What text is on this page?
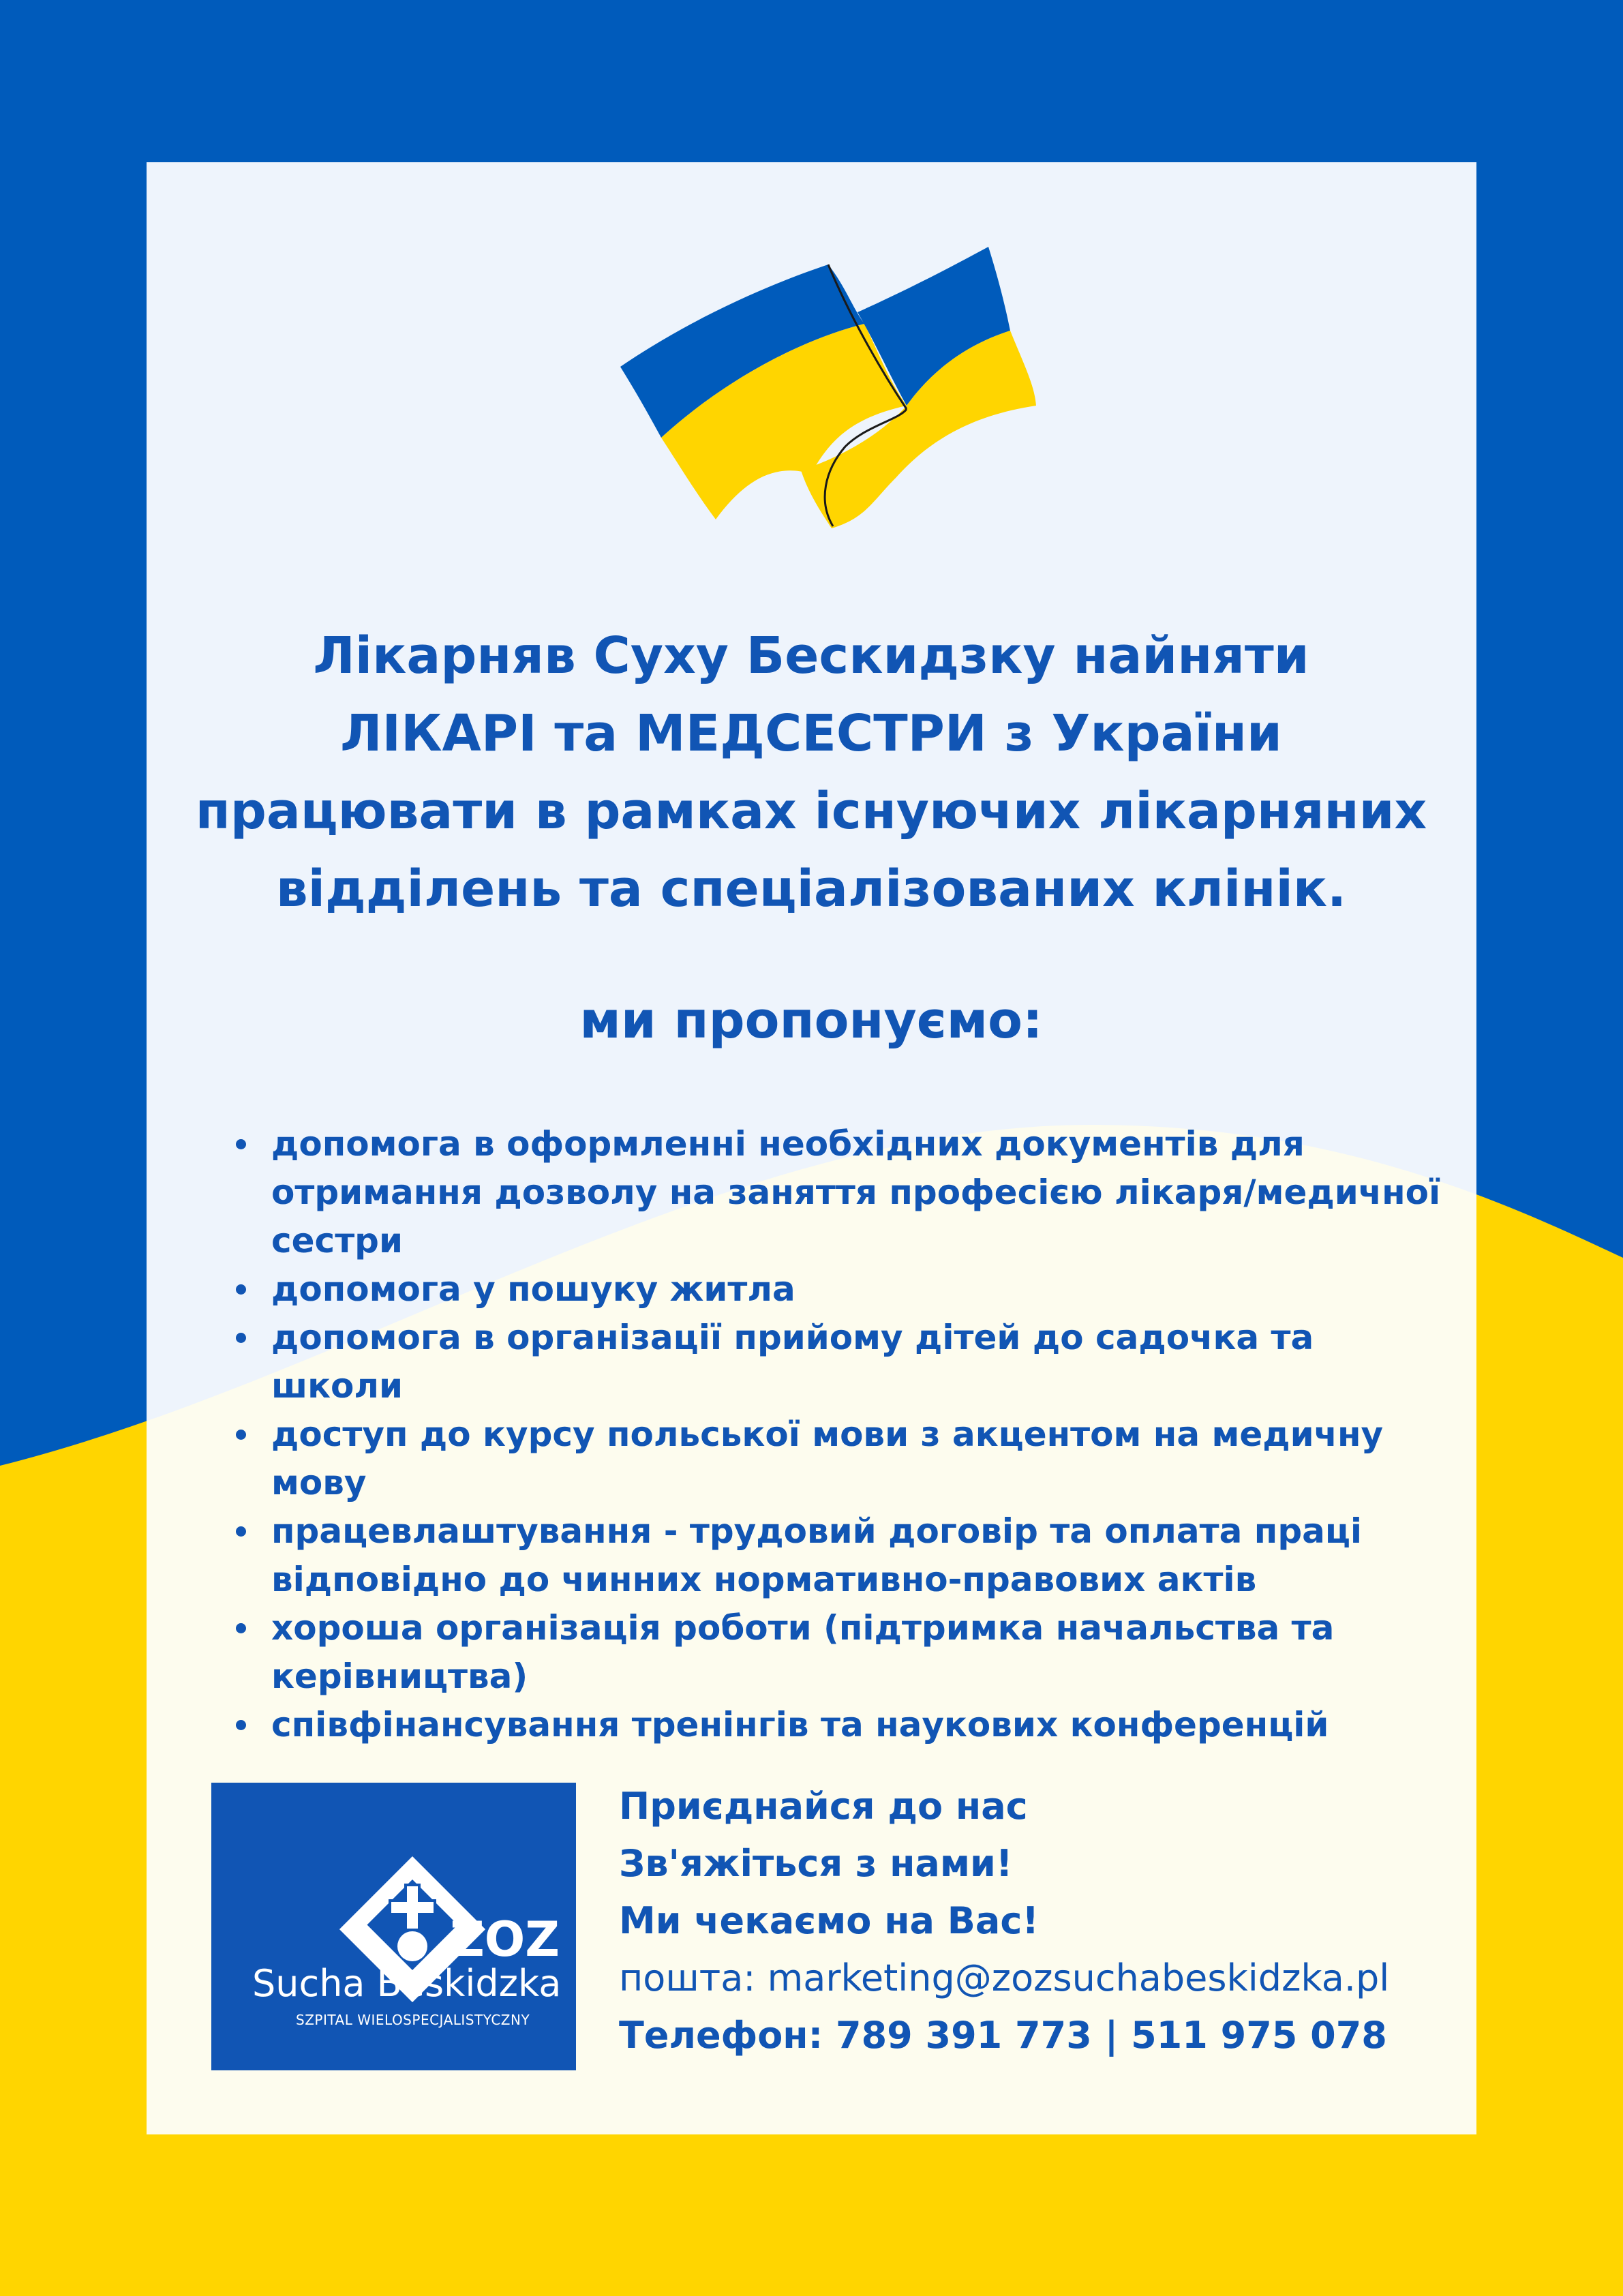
Лікарняв Суху Бескидзку найняти
ЛІКАРІ та МЕДСЕСТРИ з України
працювати в рамках існуючих лікарняних
відділень та спеціалізованих клінік.
ми пропонуємо:
допомога в оформленні необхідних документів для
отримання дозволу на заняття професією лікаря/медичної
сестри
допомога у пошуку житла
допомога в організації прийому дітей до садочка та школи
доступ до курсу польської мови з акцентом на медичну мову
працевлаштування - трудовий договір та оплата праці
відповідно до чинних нормативно-правових актів
хороша організація роботи (підтримка начальства та
керівництва)
співфінансування тренінгів та наукових конференцій
ZOZ
Sucha Beskidzka
SZPITAL WIELOSPECJALISTYCZNY
Приєднайся до нас
Зв'яжіться з нами!
Ми чекаємо на Вас!
пошта: marketing@zozsuchabeskidzka.pl
Телефон: 789 391 773 | 511 975 078
